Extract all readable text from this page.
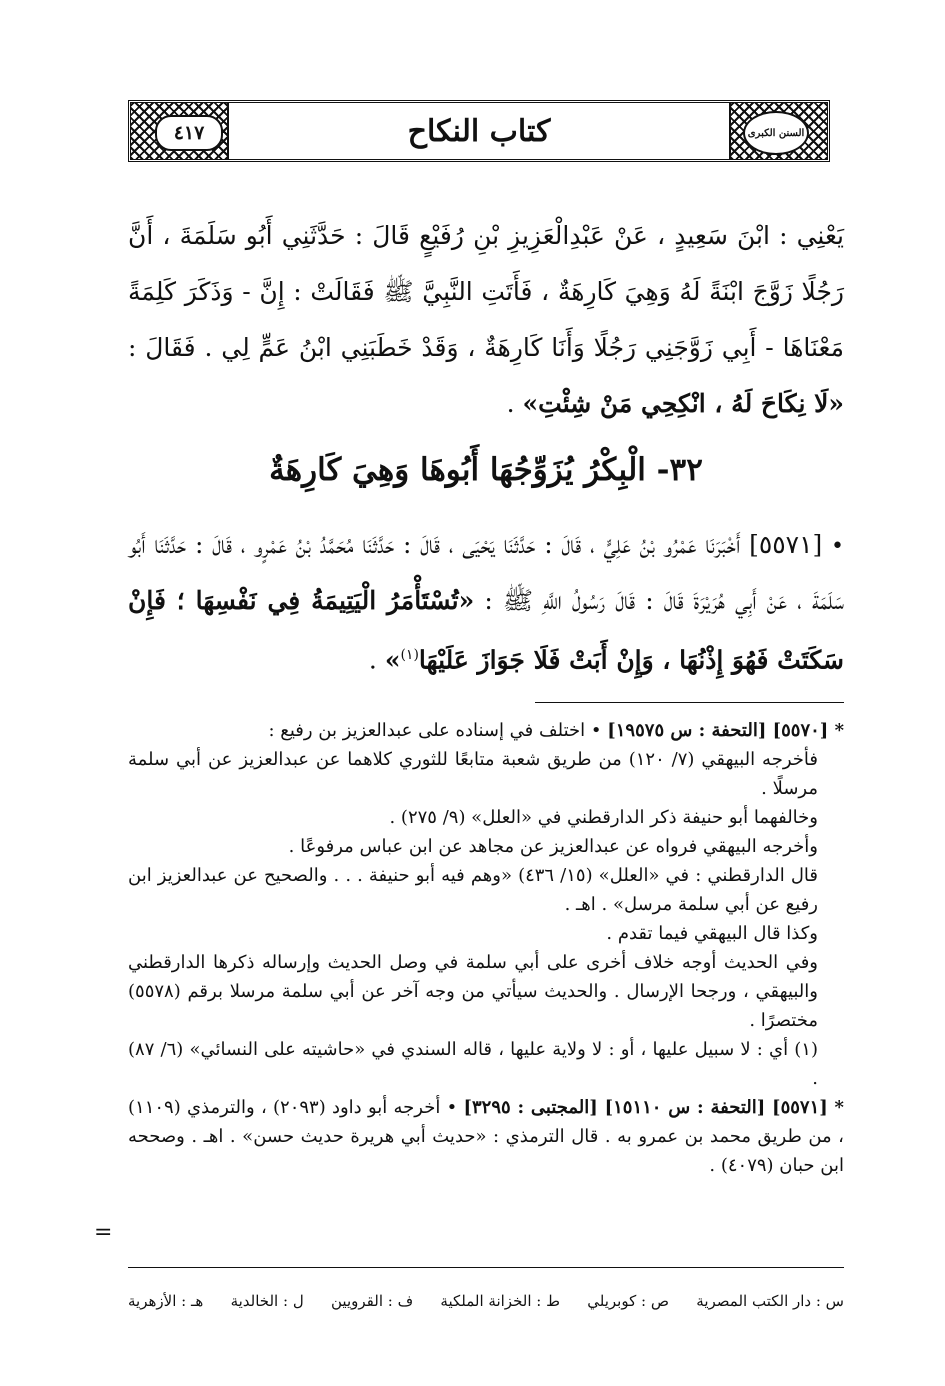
٤١٧	كتاب النكاح	السنن الكبرى
يَعْنِي : ابْنَ سَعِيدٍ ، عَنْ عَبْدِالْعَزِيزِ بْنِ رُفَيْعٍ قَالَ : حَدَّثَنِي أَبُو سَلَمَةَ ، أَنَّ رَجُلًا زَوَّجَ ابْنَةً لَهُ وَهِيَ كَارِهَةٌ ، فَأَتَتِ النَّبِيَّ ﷺ فَقَالَتْ : إِنَّ - وَذَكَرَ كَلِمَةً مَعْنَاهَا - أَبِي زَوَّجَنِي رَجُلًا وَأَنَا كَارِهَةٌ ، وَقَدْ خَطَبَنِي ابْنُ عَمٍّ لِي . فَقَالَ : «لَا نِكَاحَ لَهُ ، انْكِحِي مَنْ شِئْتِ» .
٣٢- الْبِكْرُ يُزَوِّجُهَا أَبُوهَا وَهِيَ كَارِهَةٌ
• [٥٥٧١] أَخْبَرَنَا عَمْرُو بْنُ عَلِيٍّ ، قَالَ : حَدَّثَنَا يَحْيَى ، قَالَ : حَدَّثَنَا مُحَمَّدُ بْنُ عَمْرٍو ، قَالَ : حَدَّثَنَا أَبُو سَلَمَةَ ، عَنْ أَبِي هُرَيْرَةَ قَالَ : قَالَ رَسُولُ اللَّهِ ﷺ : «تُسْتَأْمَرُ الْيَتِيمَةُ فِي نَفْسِهَا ؛ فَإِنْ سَكَتَتْ فَهُوَ إِذْنُهَا ، وَإِنْ أَبَتْ فَلَا جَوَازَ عَلَيْهَا$^{(١)}$» .

* [٥٥٧٠] [التحفة : س ١٩٥٧٥] • اختلف في إسناده على عبدالعزيز بن رفيع :

فأخرجه البيهقي (٧/ ١٢٠) من طريق شعبة متابعًا للثوري كلاهما عن عبدالعزيز عن أبي سلمة مرسلًا .

وخالفهما أبو حنيفة ذكر الدارقطني في «العلل» (٩/ ٢٧٥) .

وأخرجه البيهقي فرواه عن عبدالعزيز عن مجاهد عن ابن عباس مرفوعًا .

قال الدارقطني : في «العلل» (١٥/ ٤٣٦) «وهم فيه أبو حنيفة . . . والصحيح عن عبدالعزيز ابن رفيع عن أبي سلمة مرسل» . اهـ .

وكذا قال البيهقي فيما تقدم .

وفي الحديث أوجه خلاف أخرى على أبي سلمة في وصل الحديث وإرساله ذكرها الدارقطني والبيهقي ، ورجحا الإرسال . والحديث سيأتي من وجه آخر عن أبي سلمة مرسلا برقم (٥٥٧٨) مختصرًا .

(١) أي : لا سبيل عليها ، أو : لا ولاية عليها ، قاله السندي في «حاشيته على النسائي» (٦/ ٨٧) .

* [٥٥٧١] [التحفة : س ١٥١١٠] [المجتبى : ٣٢٩٥] • أخرجه أبو داود (٢٠٩٣) ، والترمذي (١١٠٩) ، من طريق محمد بن عمرو به . قال الترمذي : «حديث أبي هريرة حديث حسن» . اهـ . وصححه ابن حبان (٤٠٧٩) .

=
س : دار الكتب المصرية
ص : كوبريلي
ط : الخزانة الملكية
ف : القرويين
ل : الخالدية
هـ : الأزهرية
